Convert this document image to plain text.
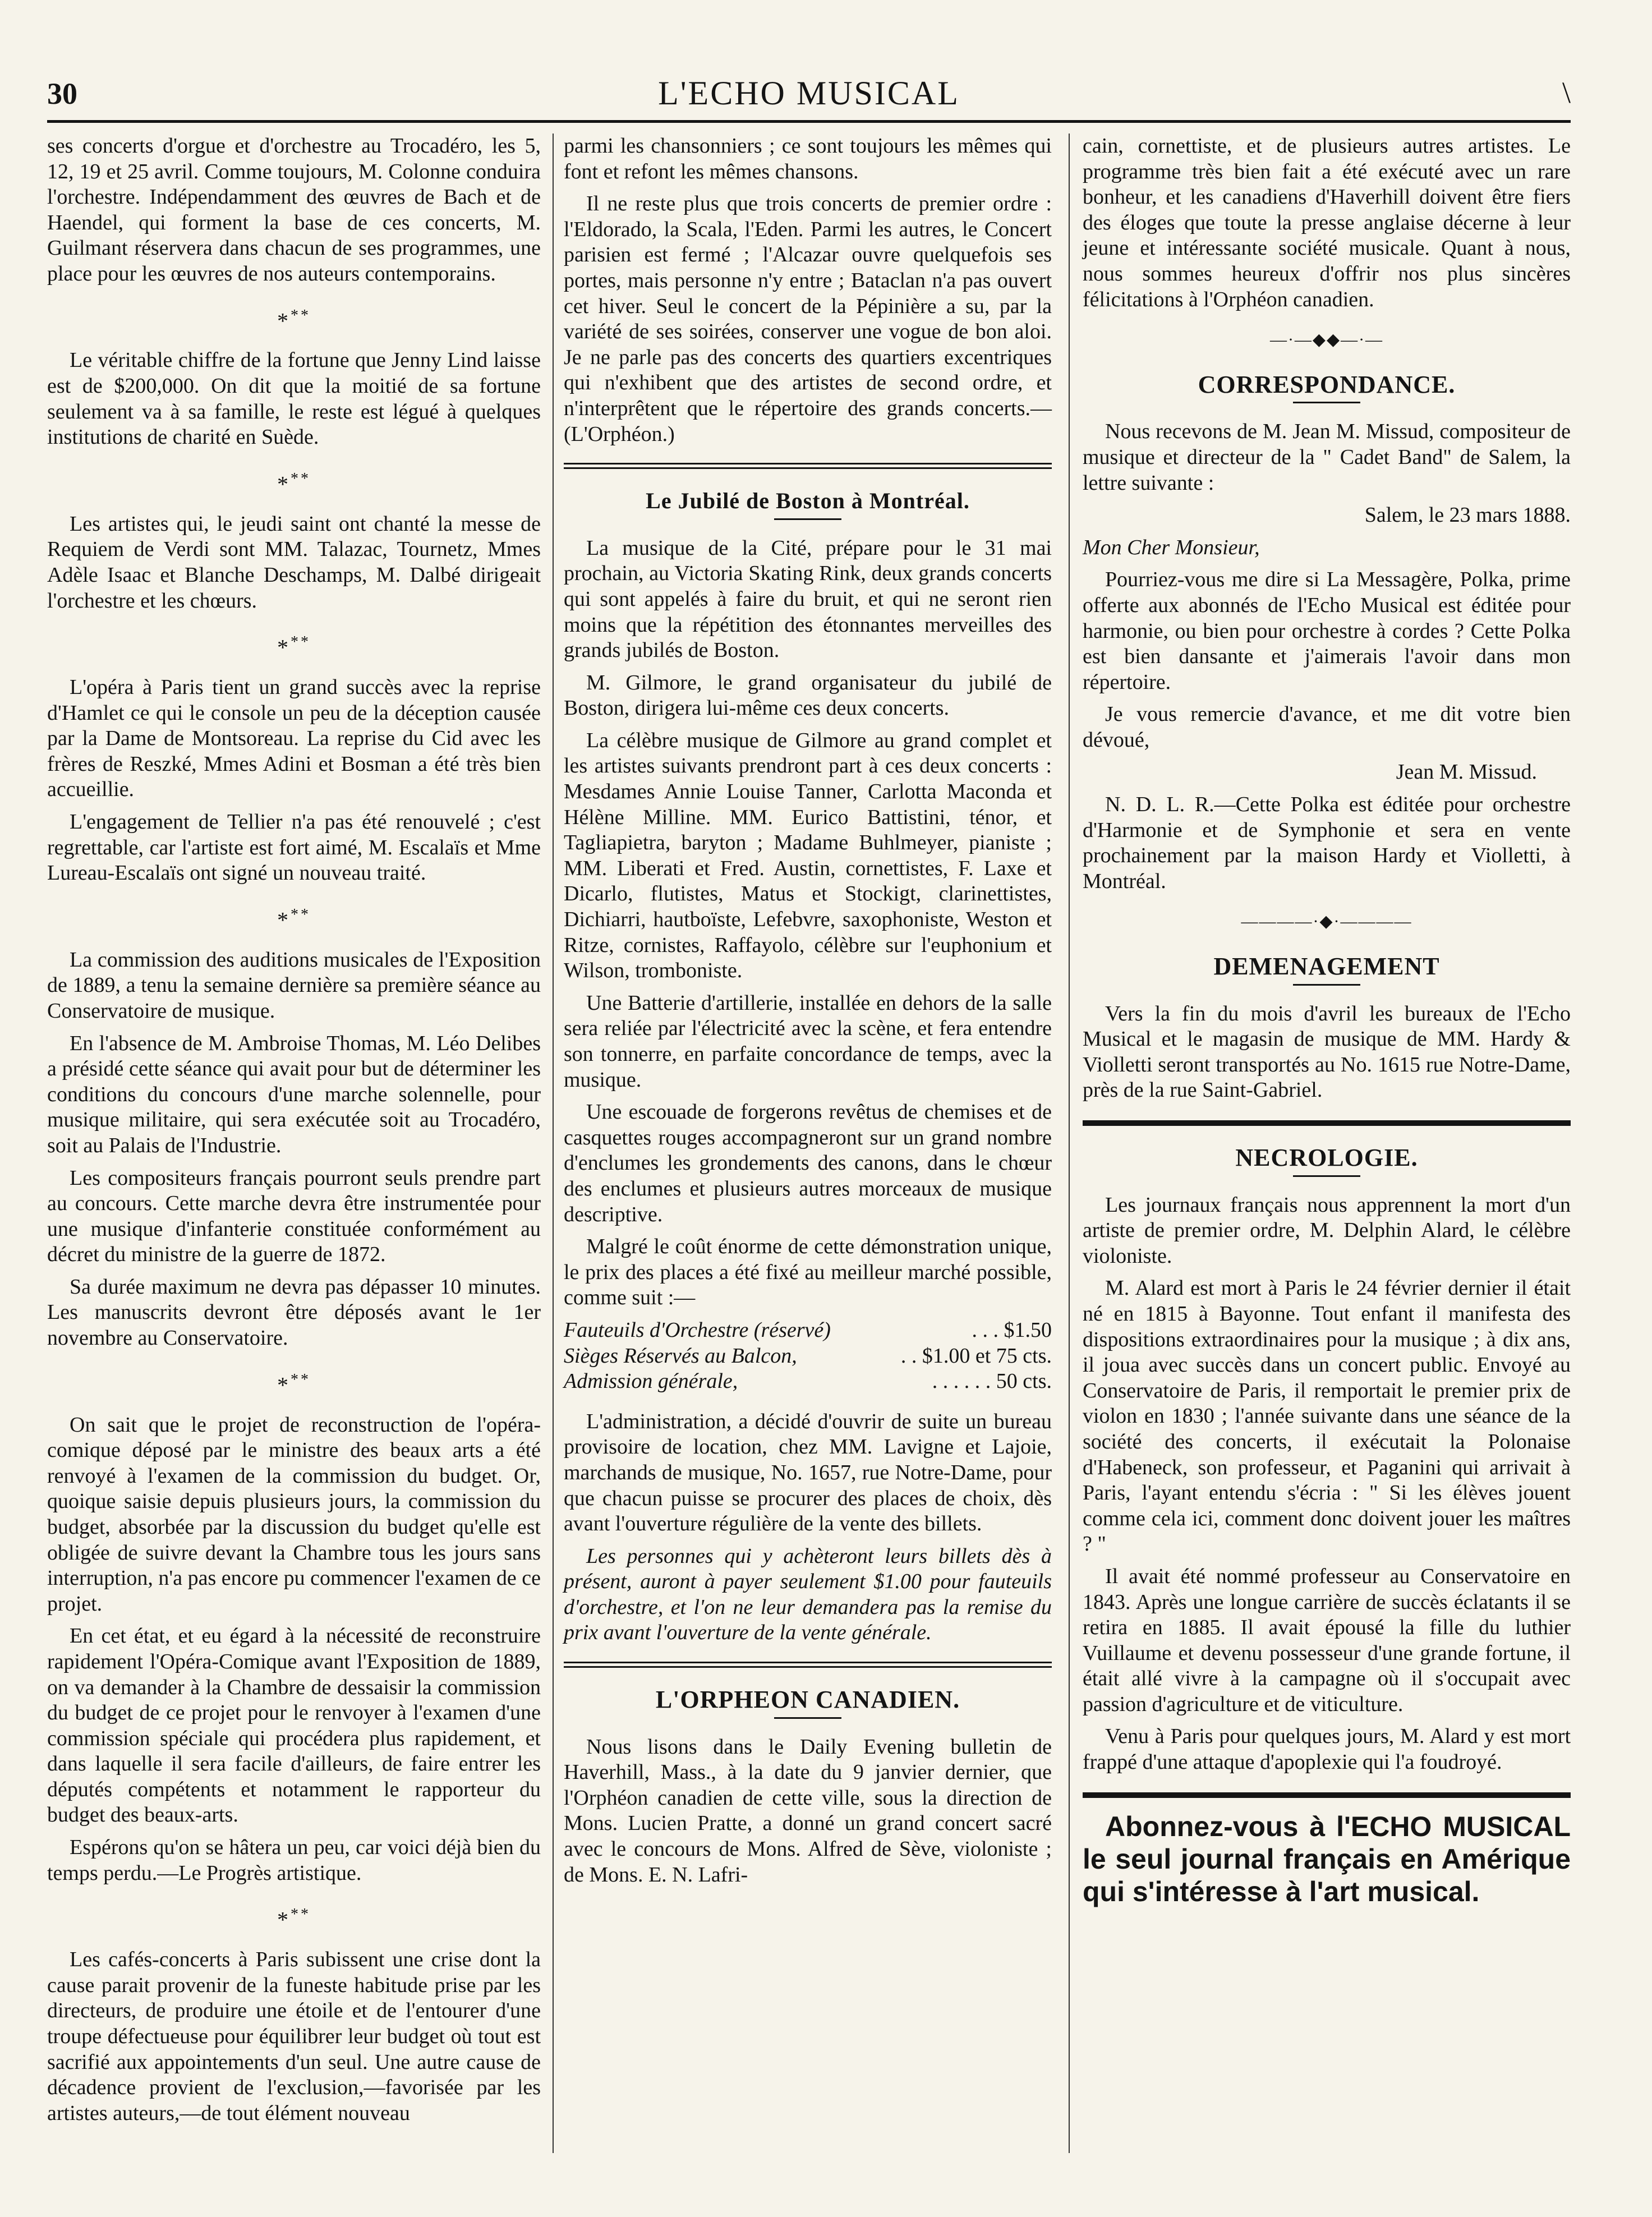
30	L'ECHO MUSICAL	\

ses concerts d'orgue et d'orchestre au Trocadéro, les 5, 12, 19 et 25 avril. Comme toujours, M. Colonne conduira l'orchestre. Indépendamment des œuvres de Bach et de Haendel, qui forment la base de ces concerts, M. Guilmant réservera dans chacun de ses programmes, une place pour les œuvres de nos auteurs contemporains.

***

Le véritable chiffre de la fortune que Jenny Lind laisse est de $200,000. On dit que la moitié de sa fortune seulement va à sa famille, le reste est légué à quelques institutions de charité en Suède.

***

Les artistes qui, le jeudi saint ont chanté la messe de Requiem de Verdi sont MM. Talazac, Tournetz, Mmes Adèle Isaac et Blanche Deschamps, M. Dalbé dirigeait l'orchestre et les chœurs.

***

L'opéra à Paris tient un grand succès avec la reprise d'Hamlet ce qui le console un peu de la déception causée par la Dame de Montsoreau. La reprise du Cid avec les frères de Reszké, Mmes Adini et Bosman a été très bien accueillie.

L'engagement de Tellier n'a pas été renouvelé ; c'est regrettable, car l'artiste est fort aimé, M. Escalaïs et Mme Lureau-Escalaïs ont signé un nouveau traité.

***

La commission des auditions musicales de l'Exposition de 1889, a tenu la semaine dernière sa première séance au Conservatoire de musique.

En l'absence de M. Ambroise Thomas, M. Léo Delibes a présidé cette séance qui avait pour but de déterminer les conditions du concours d'une marche solennelle, pour musique militaire, qui sera exécutée soit au Trocadéro, soit au Palais de l'Industrie.

Les compositeurs français pourront seuls prendre part au concours. Cette marche devra être instrumentée pour une musique d'infanterie constituée conformément au décret du ministre de la guerre de 1872.

Sa durée maximum ne devra pas dépasser 10 minutes. Les manuscrits devront être déposés avant le 1er novembre au Conservatoire.

***

On sait que le projet de reconstruction de l'opéra-comique déposé par le ministre des beaux arts a été renvoyé à l'examen de la commission du budget. Or, quoique saisie depuis plusieurs jours, la commission du budget, absorbée par la discussion du budget qu'elle est obligée de suivre devant la Chambre tous les jours sans interruption, n'a pas encore pu commencer l'examen de ce projet.

En cet état, et eu égard à la nécessité de reconstruire rapidement l'Opéra-Comique avant l'Exposition de 1889, on va demander à la Chambre de dessaisir la commission du budget de ce projet pour le renvoyer à l'examen d'une commission spéciale qui procédera plus rapidement, et dans laquelle il sera facile d'ailleurs, de faire entrer les députés compétents et notamment le rapporteur du budget des beaux-arts.

Espérons qu'on se hâtera un peu, car voici déjà bien du temps perdu.—Le Progrès artistique.

***

Les cafés-concerts à Paris subissent une crise dont la cause parait provenir de la funeste habitude prise par les directeurs, de produire une étoile et de l'entourer d'une troupe défectueuse pour équilibrer leur budget où tout est sacrifié aux appointements d'un seul. Une autre cause de décadence provient de l'exclusion,—favorisée par les artistes auteurs,—de tout élément nouveau

parmi les chansonniers ; ce sont toujours les mêmes qui font et refont les mêmes chansons.

Il ne reste plus que trois concerts de premier ordre : l'Eldorado, la Scala, l'Eden. Parmi les autres, le Concert parisien est fermé ; l'Alcazar ouvre quelquefois ses portes, mais personne n'y entre ; Bataclan n'a pas ouvert cet hiver. Seul le concert de la Pépinière a su, par la variété de ses soirées, conserver une vogue de bon aloi. Je ne parle pas des concerts des quartiers excentriques qui n'exhibent que des artistes de second ordre, et n'interprêtent que le répertoire des grands concerts.—(L'Orphéon.)

Le Jubilé de Boston à Montréal.

La musique de la Cité, prépare pour le 31 mai prochain, au Victoria Skating Rink, deux grands concerts qui sont appelés à faire du bruit, et qui ne seront rien moins que la répétition des étonnantes merveilles des grands jubilés de Boston.

M. Gilmore, le grand organisateur du jubilé de Boston, dirigera lui-même ces deux concerts.

La célèbre musique de Gilmore au grand complet et les artistes suivants prendront part à ces deux concerts : Mesdames Annie Louise Tanner, Carlotta Maconda et Hélène Milline. MM. Eurico Battistini, ténor, et Tagliapietra, baryton ; Madame Buhlmeyer, pianiste ; MM. Liberati et Fred. Austin, cornettistes, F. Laxe et Dicarlo, flutistes, Matus et Stockigt, clarinettistes, Dichiarri, hautboïste, Lefebvre, saxophoniste, Weston et Ritze, cornistes, Raffayolo, célèbre sur l'euphonium et Wilson, tromboniste.

Une Batterie d'artillerie, installée en dehors de la salle sera reliée par l'électricité avec la scène, et fera entendre son tonnerre, en parfaite concordance de temps, avec la musique.

Une escouade de forgerons revêtus de chemises et de casquettes rouges accompagneront sur un grand nombre d'enclumes les grondements des canons, dans le chœur des enclumes et plusieurs autres morceaux de musique descriptive.

Malgré le coût énorme de cette démonstration unique, le prix des places a été fixé au meilleur marché possible, comme suit :—

Fauteuils d'Orchestre (réservé)	. . . $1.50
Sièges Réservés au Balcon,	. . $1.00 et 75 cts.
Admission générale,	. . . . . . 50 cts.

L'administration, a décidé d'ouvrir de suite un bureau provisoire de location, chez MM. Lavigne et Lajoie, marchands de musique, No. 1657, rue Notre-Dame, pour que chacun puisse se procurer des places de choix, dès avant l'ouverture régulière de la vente des billets.

Les personnes qui y achèteront leurs billets dès à présent, auront à payer seulement $1.00 pour fauteuils d'orchestre, et l'on ne leur demandera pas la remise du prix avant l'ouverture de la vente générale.

L'ORPHEON CANADIEN.

Nous lisons dans le Daily Evening bulletin de Haverhill, Mass., à la date du 9 janvier dernier, que l'Orphéon canadien de cette ville, sous la direction de Mons. Lucien Pratte, a donné un grand concert sacré avec le concours de Mons. Alfred de Sève, violoniste ; de Mons. E. N. Lafri-

cain, cornettiste, et de plusieurs autres artistes. Le programme très bien fait a été exécuté avec un rare bonheur, et les canadiens d'Haverhill doivent être fiers des éloges que toute la presse anglaise décerne à leur jeune et intéressante société musicale. Quant à nous, nous sommes heureux d'offrir nos plus sincères félicitations à l'Orphéon canadien.

—·—◆◆—·—
CORRESPONDANCE.

Nous recevons de M. Jean M. Missud, compositeur de musique et directeur de la " Cadet Band" de Salem, la lettre suivante :

Salem, le 23 mars 1888.

Mon Cher Monsieur,

Pourriez-vous me dire si La Messagère, Polka, prime offerte aux abonnés de l'Echo Musical est éditée pour harmonie, ou bien pour orchestre à cordes ? Cette Polka est bien dansante et j'aimerais l'avoir dans mon répertoire.

Je vous remercie d'avance, et me dit votre bien dévoué,

Jean M. Missud.

N. D. L. R.—Cette Polka est éditée pour orchestre d'Harmonie et de Symphonie et sera en vente prochainement par la maison Hardy et Violletti, à Montréal.

————·◆·————
DEMENAGEMENT

Vers la fin du mois d'avril les bureaux de l'Echo Musical et le magasin de musique de MM. Hardy & Violletti seront transportés au No. 1615 rue Notre-Dame, près de la rue Saint-Gabriel.

NECROLOGIE.

Les journaux français nous apprennent la mort d'un artiste de premier ordre, M. Delphin Alard, le célèbre violoniste.

M. Alard est mort à Paris le 24 février dernier il était né en 1815 à Bayonne. Tout enfant il manifesta des dispositions extraordinaires pour la musique ; à dix ans, il joua avec succès dans un concert public. Envoyé au Conservatoire de Paris, il remportait le premier prix de violon en 1830 ; l'année suivante dans une séance de la société des concerts, il exécutait la Polonaise d'Habeneck, son professeur, et Paganini qui arrivait à Paris, l'ayant entendu s'écria : " Si les élèves jouent comme cela ici, comment donc doivent jouer les maîtres ? "

Il avait été nommé professeur au Conservatoire en 1843. Après une longue carrière de succès éclatants il se retira en 1885. Il avait épousé la fille du luthier Vuillaume et devenu possesseur d'une grande fortune, il était allé vivre à la campagne où il s'occupait avec passion d'agriculture et de viticulture.

Venu à Paris pour quelques jours, M. Alard y est mort frappé d'une attaque d'apoplexie qui l'a foudroyé.

Abonnez-vous à l'ECHO MUSICAL le seul journal français en Amérique qui s'intéresse à l'art musical.
